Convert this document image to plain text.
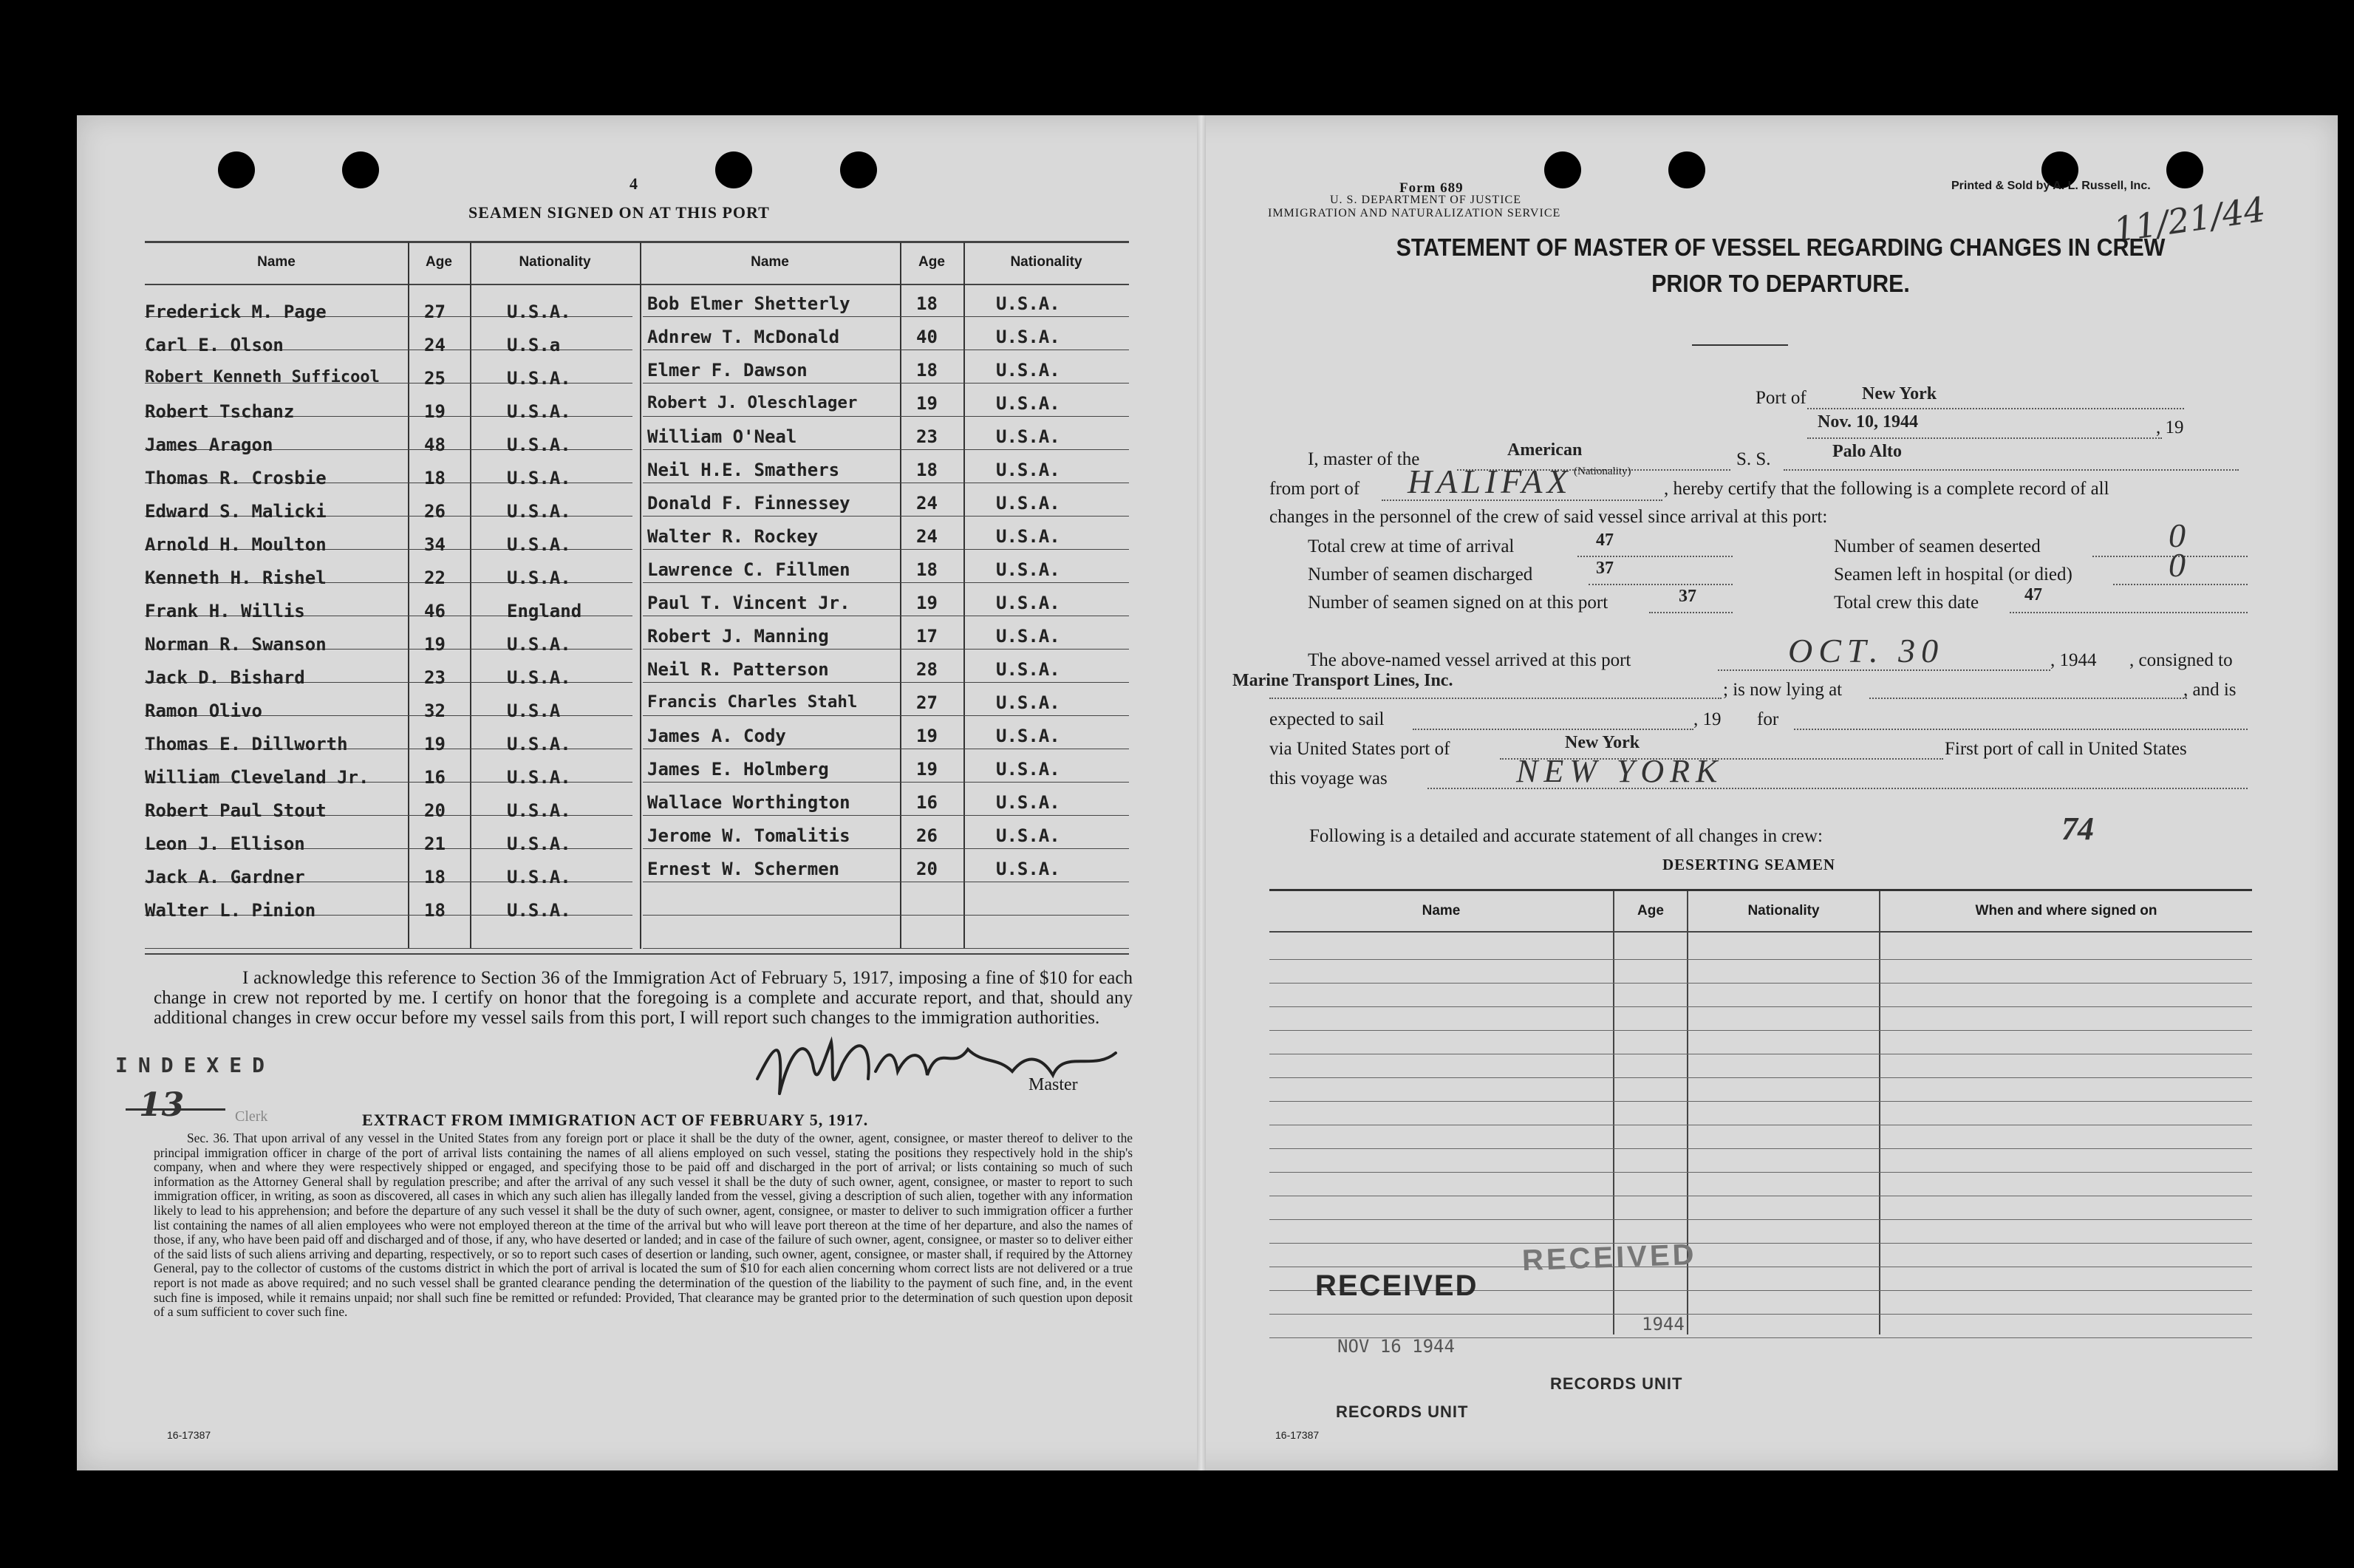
4
SEAMEN SIGNED ON AT THIS PORT
Name	Age	Nationality	Name	Age	Nationality
Frederick M. Page	27	U.S.A.
Carl E. Olson	24	U.S.a
Robert Kenneth Sufficool	25	U.S.A.
Robert Tschanz	19	U.S.A.
James Aragon	48	U.S.A.
Thomas R. Crosbie	18	U.S.A.
Edward S. Malicki	26	U.S.A.
Arnold H. Moulton	34	U.S.A.
Kenneth H. Rishel	22	U.S.A.
Frank H. Willis	46	England
Norman R. Swanson	19	U.S.A.
Jack D. Bishard	23	U.S.A.
Ramon Olivo	32	U.S.A
Thomas E. Dillworth	19	U.S.A.
William Cleveland Jr.	16	U.S.A.
Robert Paul Stout	20	U.S.A.
Leon J. Ellison	21	U.S.A.
Jack A. Gardner	18	U.S.A.
Walter L. Pinion	18	U.S.A.
Bob Elmer Shetterly	18	U.S.A.
Adnrew T. McDonald	40	U.S.A.
Elmer F. Dawson	18	U.S.A.
Robert J. Oleschlager	19	U.S.A.
William O'Neal	23	U.S.A.
Neil H.E. Smathers	18	U.S.A.
Donald F. Finnessey	24	U.S.A.
Walter R. Rockey	24	U.S.A.
Lawrence C. Fillmen	18	U.S.A.
Paul T. Vincent Jr.	19	U.S.A.
Robert J. Manning	17	U.S.A.
Neil R. Patterson	28	U.S.A.
Francis Charles Stahl	27	U.S.A.
James A. Cody	19	U.S.A.
James E. Holmberg	19	U.S.A.
Wallace Worthington	16	U.S.A.
Jerome W. Tomalitis	26	U.S.A.
Ernest W. Schermen	20	U.S.A.
I acknowledge this reference to Section 36 of the Immigration Act of February 5, 1917, imposing a fine of $10 for each change in crew not reported by me. I certify on honor that the foregoing is a complete and accurate report, and that, should any additional changes in crew occur before my vessel sails from this port, I will report such changes to the immigration authorities.
Master
INDEXED
13	Clerk	EXTRACT FROM IMMIGRATION ACT OF FEBRUARY 5, 1917.
Sec. 36. That upon arrival of any vessel in the United States from any foreign port or place it shall be the duty of the owner, agent, consignee, or master thereof to deliver to the principal immigration officer in charge of the port of arrival lists containing the names of all aliens employed on such vessel, stating the positions they respectively hold in the ship's company, when and where they were respectively shipped or engaged, and specifying those to be paid off and discharged in the port of arrival; or lists containing so much of such information as the Attorney General shall by regulation prescribe; and after the arrival of any such vessel it shall be the duty of such owner, agent, consignee, or master to report to such immigration officer, in writing, as soon as discovered, all cases in which any such alien has illegally landed from the vessel, giving a description of such alien, together with any information likely to lead to his apprehension; and before the departure of any such vessel it shall be the duty of such owner, agent, consignee, or master to deliver to such immigration officer a further list containing the names of all alien employees who were not employed thereon at the time of the arrival but who will leave port thereon at the time of her departure, and also the names of those, if any, who have been paid off and discharged and of those, if any, who have deserted or landed; and in case of the failure of such owner, agent, consignee, or master so to deliver either of the said lists of such aliens arriving and departing, respectively, or so to report such cases of desertion or landing, such owner, agent, consignee, or master shall, if required by the Attorney General, pay to the collector of customs of the customs district in which the port of arrival is located the sum of $10 for each alien concerning whom correct lists are not delivered or a true report is not made as above required; and no such vessel shall be granted clearance pending the determination of the question of the liability to the payment of such fine, and, in the event such fine is imposed, while it remains unpaid; nor shall such fine be remitted or refunded: Provided, That clearance may be granted prior to the determination of such question upon deposit of a sum sufficient to cover such fine.
16-17387
Form 689
U. S. DEPARTMENT OF JUSTICE
IMMIGRATION AND NATURALIZATION SERVICE
Printed & Sold by A. L. Russell, Inc.
11/21/44
STATEMENT OF MASTER OF VESSEL REGARDING CHANGES IN CREW
PRIOR TO DEPARTURE.
Port of	New York
Nov. 10, 1944	, 19
I, master of the	American
(Nationality)
S. S.	Palo Alto
from port of HALIFAX	, hereby certify that the following is a complete record of all
changes in the personnel of the crew of said vessel since arrival at this port:
Total crew at time of arrival	47	Number of seamen deserted	0
Number of seamen discharged	37	Seamen left in hospital (or died)	0
Number of seamen signed on at this port	37	Total crew this date	47
The above-named vessel arrived at this port	OCT. 30	, 1944 , consigned to
Marine Transport Lines, Inc.	; is now lying at	, and is
expected to sail	, 19 for
via United States port of	New York	First port of call in United States
this voyage was	NEW YORK
Following is a detailed and accurate statement of all changes in crew:	74
DESERTING SEAMEN
Name	Age	Nationality	When and where signed on
RECEIVED
NOV 16 1944
RECORDS UNIT
RECEIVED
1944
RECORDS UNIT
16-17387
